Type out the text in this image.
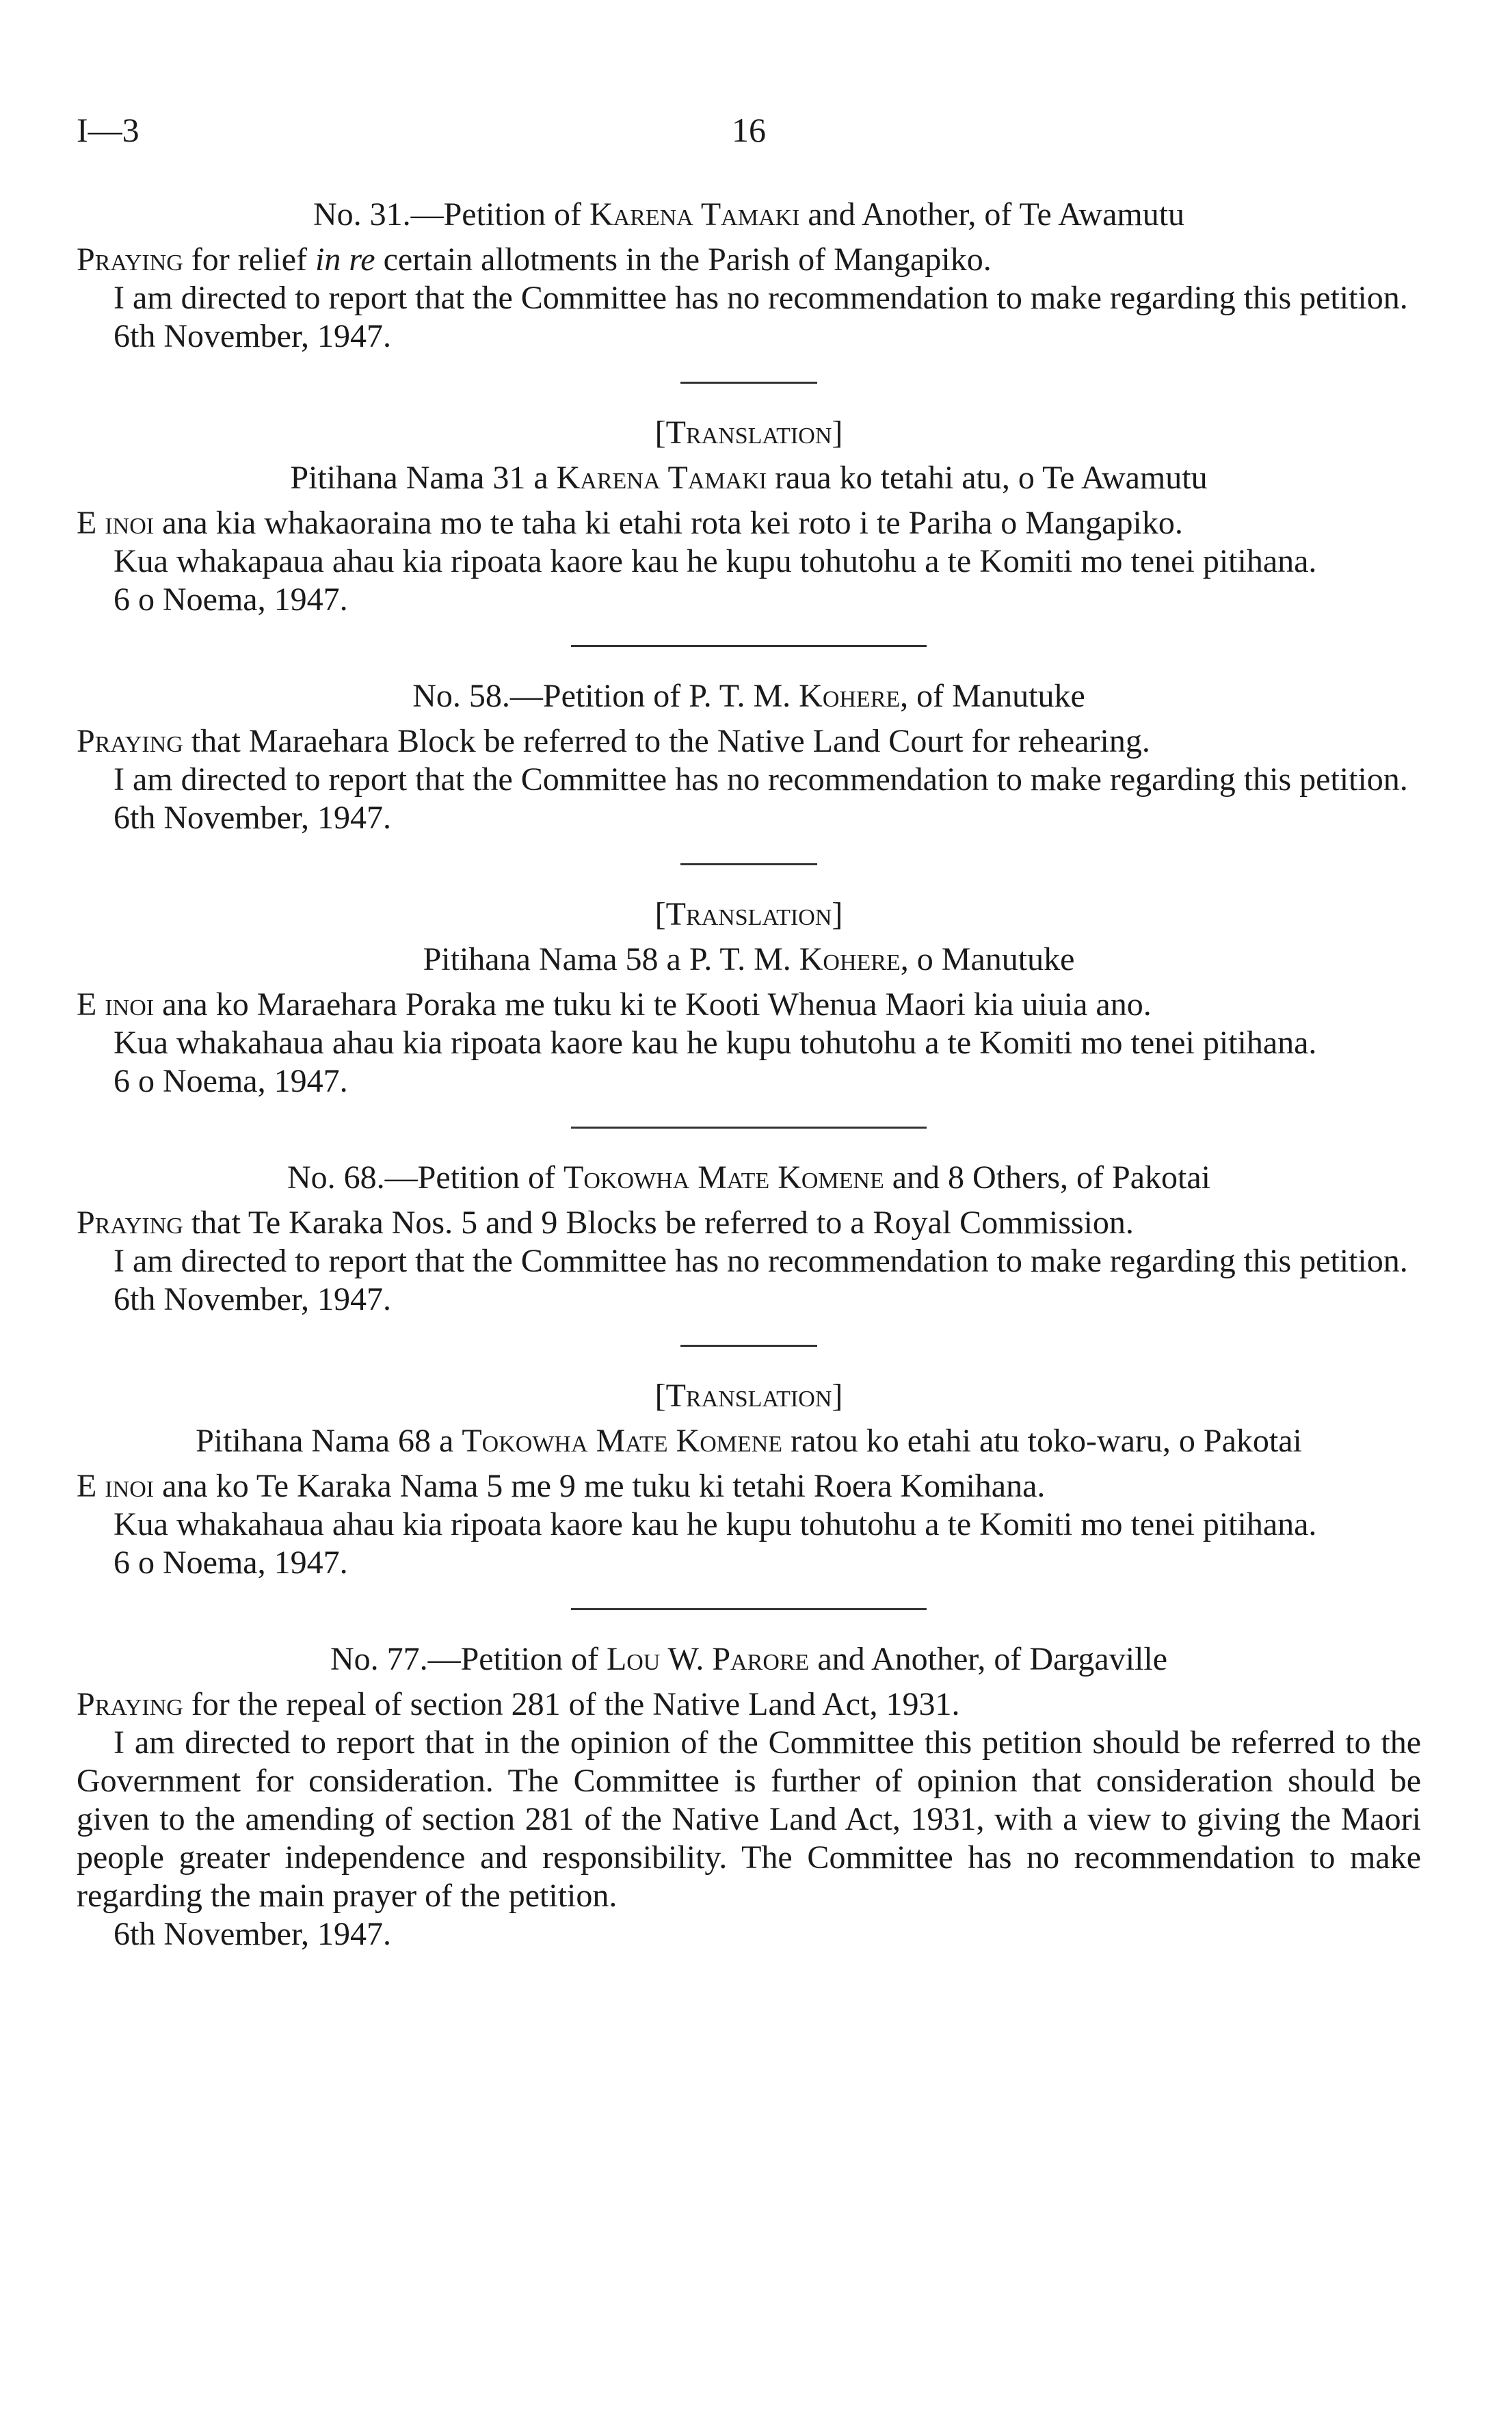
I—3	16

No. 31.—Petition of Karena Tamaki and Another, of Te Awamutu

Praying for relief in re certain allotments in the Parish of Mangapiko.

I am directed to report that the Committee has no recommendation to make regarding this petition.

6th November, 1947.

[Translation]

Pitihana Nama 31 a Karena Tamaki raua ko tetahi atu, o Te Awamutu

E inoi ana kia whakaoraina mo te taha ki etahi rota kei roto i te Pariha o Mangapiko.

Kua whakapaua ahau kia ripoata kaore kau he kupu tohutohu a te Komiti mo tenei pitihana.

6 o Noema, 1947.

No. 58.—Petition of P. T. M. Kohere, of Manutuke

Praying that Maraehara Block be referred to the Native Land Court for rehearing.

I am directed to report that the Committee has no recommendation to make regarding this petition.

6th November, 1947.

[Translation]

Pitihana Nama 58 a P. T. M. Kohere, o Manutuke

E inoi ana ko Maraehara Poraka me tuku ki te Kooti Whenua Maori kia uiuia ano.

Kua whakahaua ahau kia ripoata kaore kau he kupu tohutohu a te Komiti mo tenei pitihana.

6 o Noema, 1947.

No. 68.—Petition of Tokowha Mate Komene and 8 Others, of Pakotai

Praying that Te Karaka Nos. 5 and 9 Blocks be referred to a Royal Commission.

I am directed to report that the Committee has no recommendation to make regarding this petition.

6th November, 1947.

[Translation]

Pitihana Nama 68 a Tokowha Mate Komene ratou ko etahi atu toko-waru, o Pakotai

E inoi ana ko Te Karaka Nama 5 me 9 me tuku ki tetahi Roera Komihana.

Kua whakahaua ahau kia ripoata kaore kau he kupu tohutohu a te Komiti mo tenei pitihana.

6 o Noema, 1947.

No. 77.—Petition of Lou W. Parore and Another, of Dargaville

Praying for the repeal of section 281 of the Native Land Act, 1931.

I am directed to report that in the opinion of the Committee this petition should be referred to the Government for consideration. The Committee is further of opinion that consideration should be given to the amending of section 281 of the Native Land Act, 1931, with a view to giving the Maori people greater independence and responsibility. The Committee has no recommendation to make regarding the main prayer of the petition.

6th November, 1947.
